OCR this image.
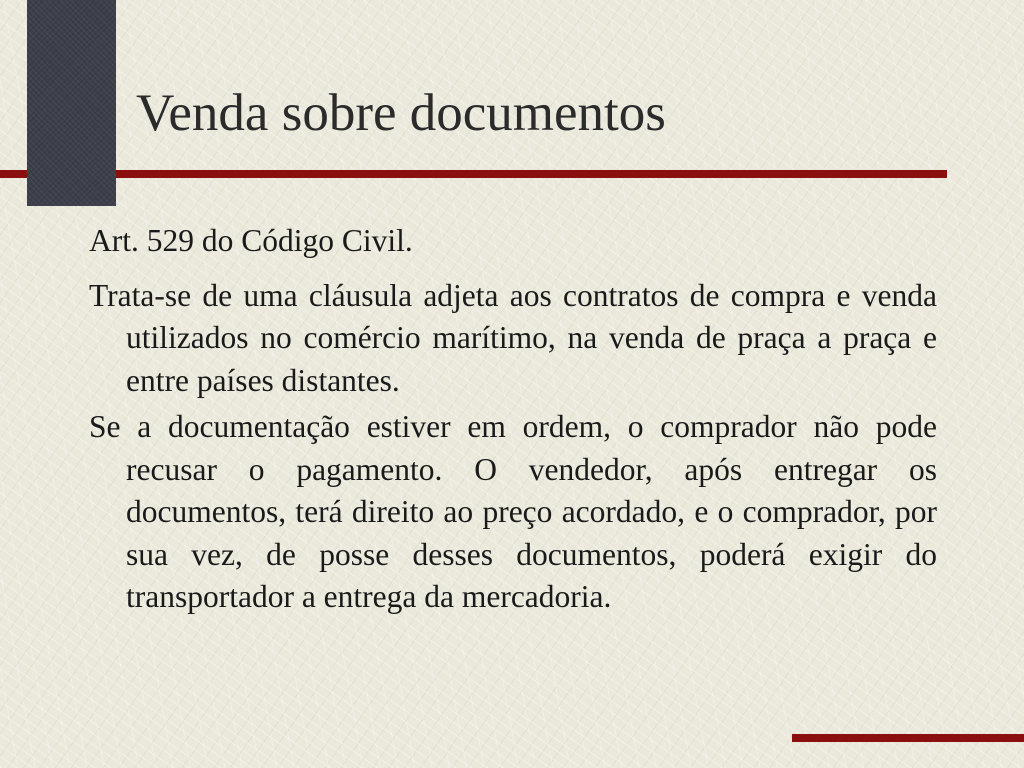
Venda sobre documentos

Art. 529 do Código Civil.

Trata-se de uma cláusula adjeta aos contratos de compra e venda utilizados no comércio marítimo, na venda de praça a praça e entre países distantes.

Se a documentação estiver em ordem, o comprador não pode recusar o pagamento. O vendedor, após entregar os documentos, terá direito ao preço acordado, e o comprador, por sua vez, de posse desses documentos, poderá exigir do transportador a entrega da mercadoria.
